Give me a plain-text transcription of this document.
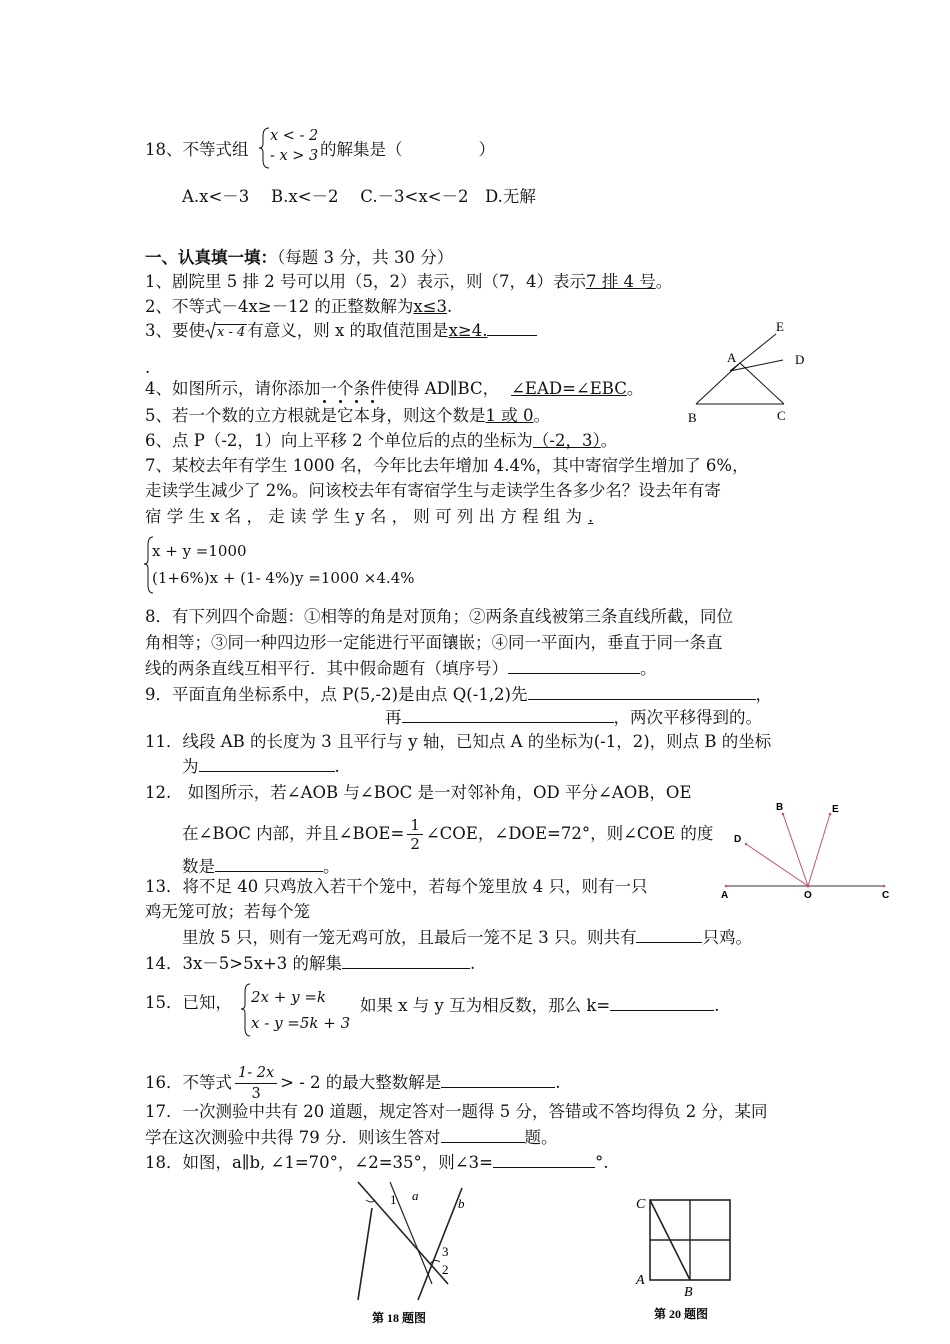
18、不等式组
x < - 2
- x > 3 的解集是（	）
A.x<－3　 B.x<－2　 C.－3<x<－2　D.无解
一、认真填一填：（每题 3 分，共 30 分）
1、剧院里 5 排 2 号可以用（5，2）表示，则（7，4）表示7 排 4 号。
2、不等式－4x≥－12 的正整数解为x≤3.
3、要使 x - 4 有意义，则 x 的取值范围是x≥4.
.
E
A	D
B	C
4、如图所示，请你添加一个条件使得 AD∥BC， ∠EAD=∠EBC。
5、若一个数的立方根就是它本身，则这个数是1 或 0。
6、点 P（-2，1）向上平移 2 个单位后的点的坐标为（-2，3）。
7、某校去年有学生 1000 名，今年比去年增加 4.4%，其中寄宿学生增加了 6%，
走读学生减少了 2%。问该校去年有寄宿学生与走读学生各多少名？设去年有寄
宿 学 生 x 名 ， 走 读 学 生 y 名 ， 则 可 列 出 方 程 组 为 .
x + y =1000
(1+6%)x + (1- 4%)y =1000 ×4.4%
8．有下列四个命题：①相等的角是对顶角；②两条直线被第三条直线所截，同位
角相等；③同一种四边形一定能进行平面镶嵌；④同一平面内，垂直于同一条直
线的两条直线互相平行．其中假命题有（填序号）	。
9．平面直角坐标系中，点 P(5,-2)是由点 Q(-1,2)先	，
再	，两次平移得到的。
11．线段 AB 的长度为 3 且平行与 y 轴，已知点 A 的坐标为(-1，2)，则点 B 的坐标
为	.
12.　如图所示，若∠AOB 与∠BOC 是一对邻补角，OD 平分∠AOB，OE
在∠BOC 内部，并且∠BOE= $\frac{1}{2}$ ∠COE，∠DOE=72°，则∠COE 的度
数是	。
B	E
D
A	O	C
13．将不足 40 只鸡放入若干个笼中，若每个笼里放 4 只，则有一只
鸡无笼可放；若每个笼
里放 5 只，则有一笼无鸡可放，且最后一笼不足 3 只。则共有	只鸡。
14．3x－5>5x+3 的解集	.
15．已知， 2x + y =k
x - y =5k + 3
如果 x 与 y 互为相反数，那么 k=	.
16．不等式 $\frac{1- 2x}{3}$ > - 2 的最大整数解是	.
17．一次测验中共有 20 道题，规定答对一题得 5 分，答错或不答均得负 2 分，某同
学在这次测验中共得 79 分．则该生答对	题。
18．如图，a∥b, ∠1=70°，∠2=35°，则∠3=	°.
1 a
b
3
2
第 18 题图
C
A
B
第 20 题图
